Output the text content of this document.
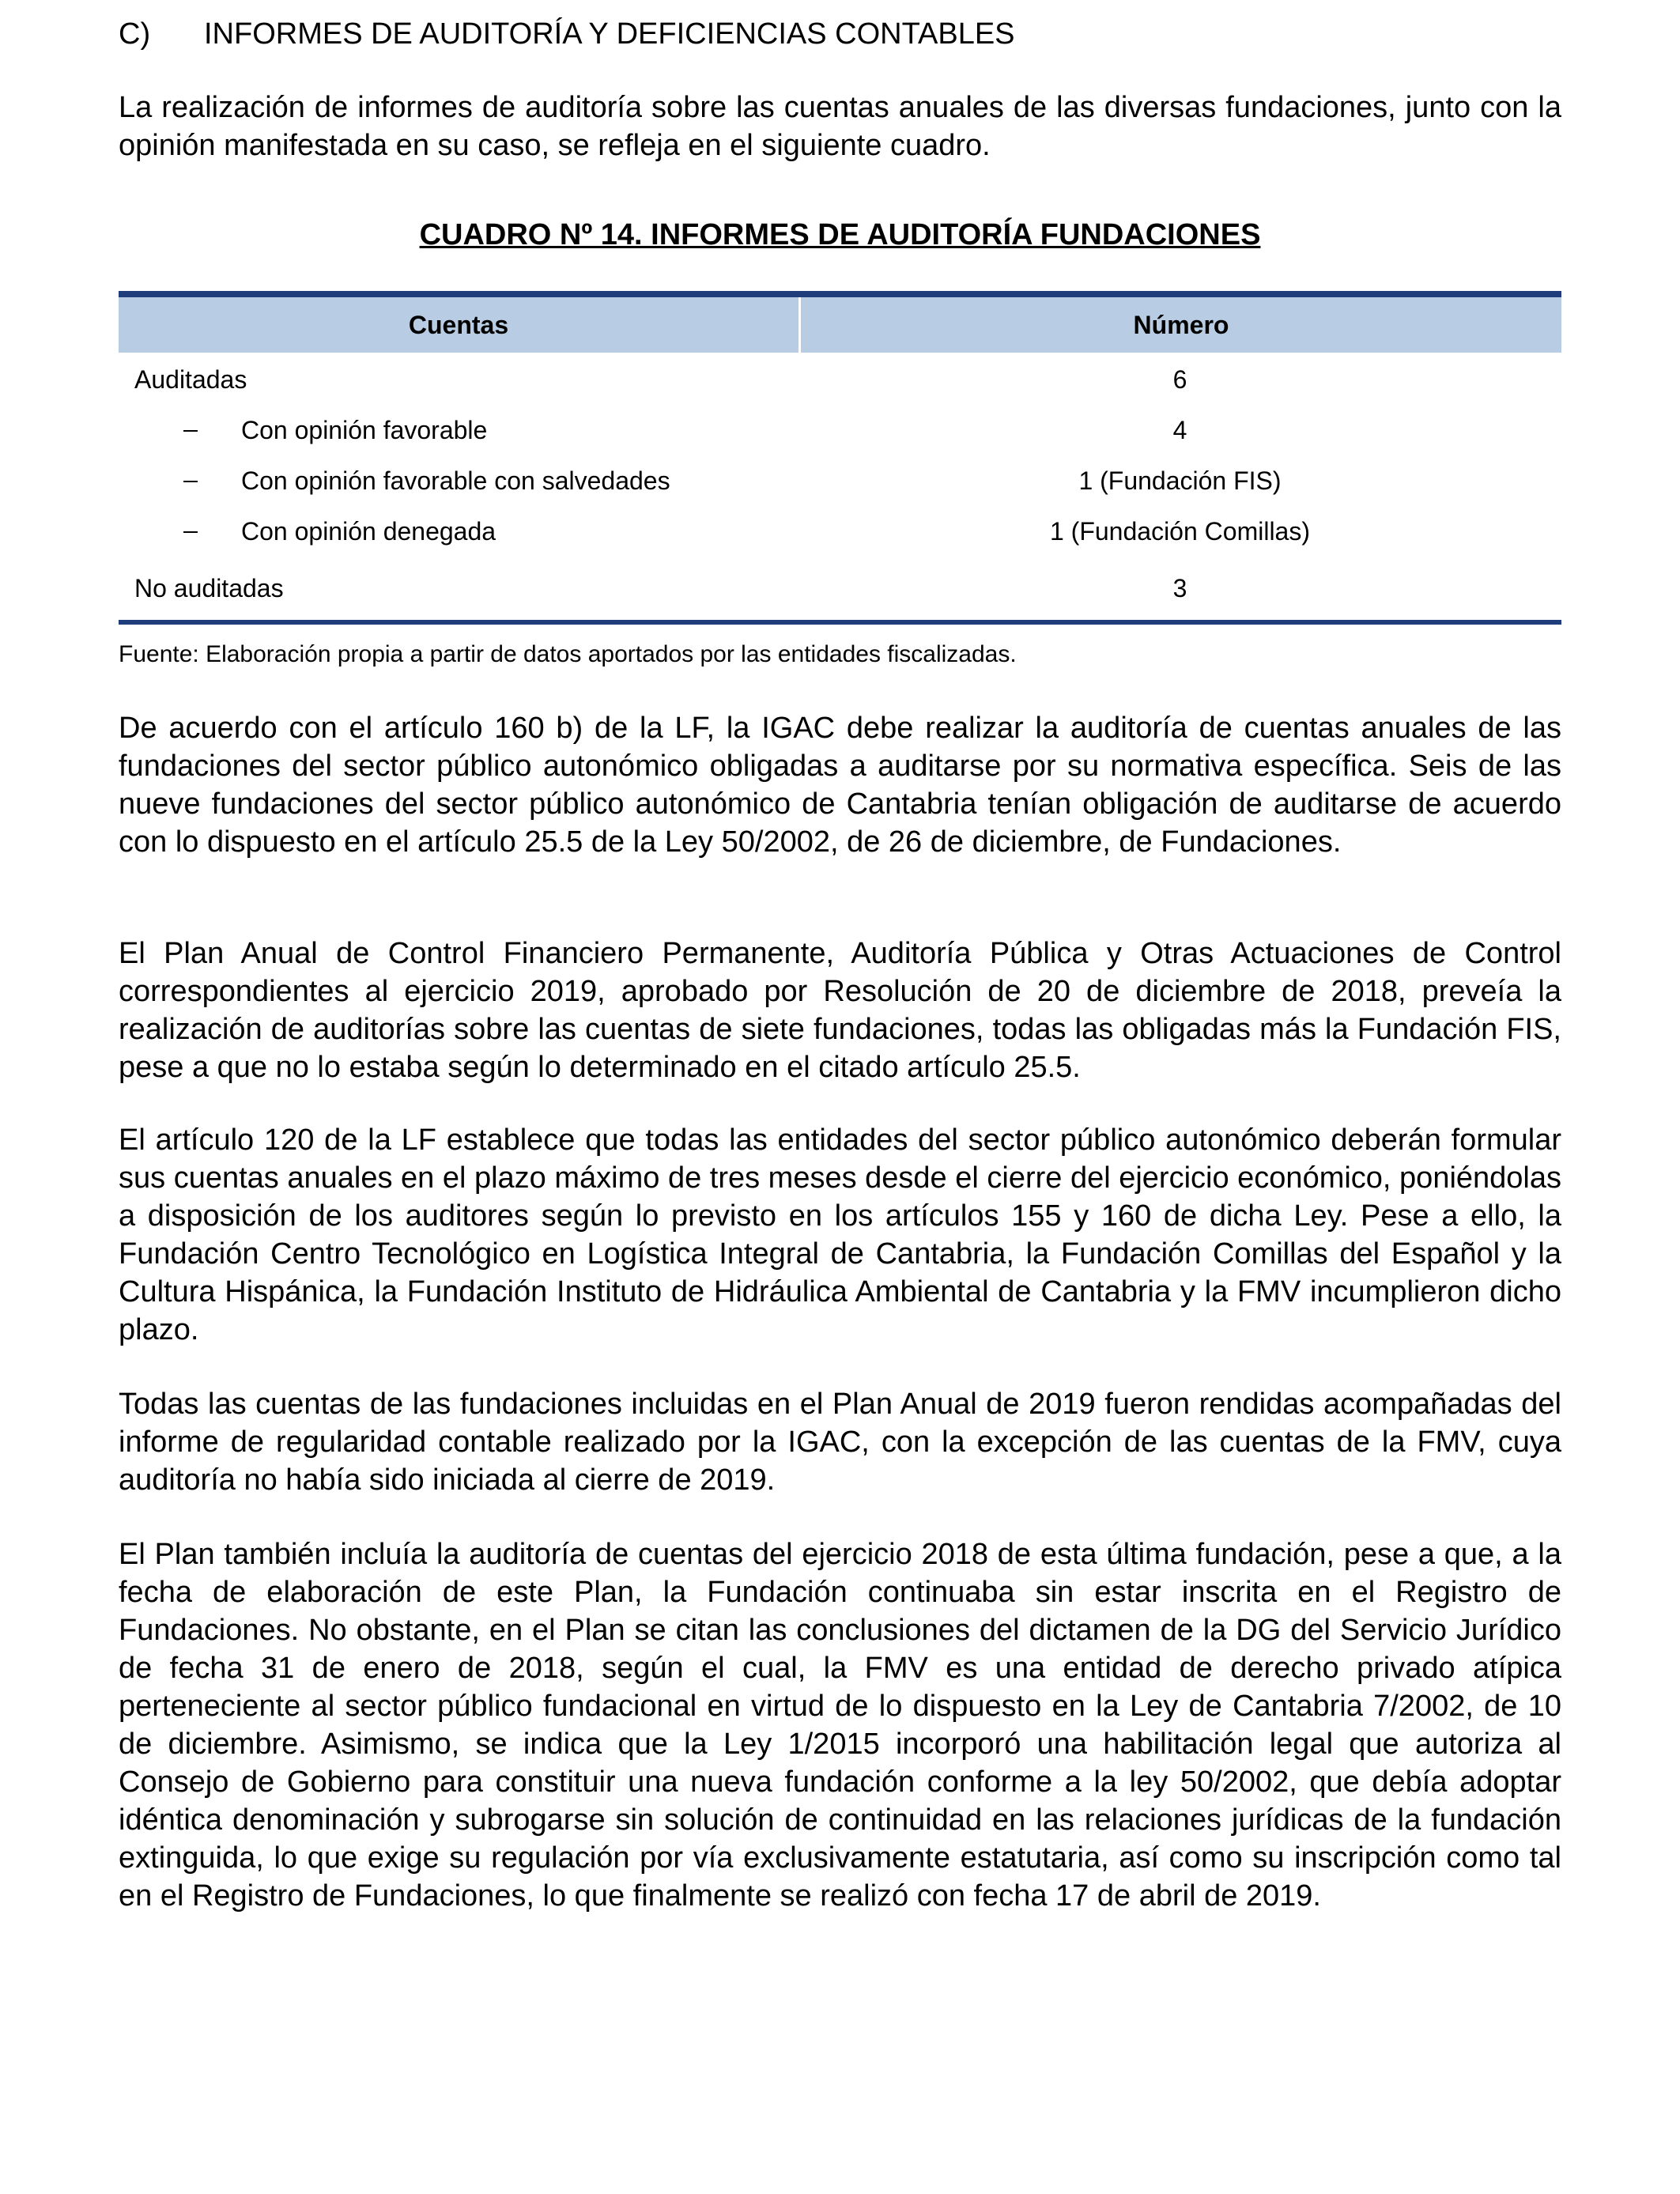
C) INFORMES DE AUDITORÍA Y DEFICIENCIAS CONTABLES

La realización de informes de auditoría sobre las cuentas anuales de las diversas fundaciones, junto con la opinión manifestada en su caso, se refleja en el siguiente cuadro.

CUADRO Nº 14. INFORMES DE AUDITORÍA FUNDACIONES
Cuentas	Número
Auditadas	6
Con opinión favorable	4
Con opinión favorable con salvedades	1 (Fundación FIS)
Con opinión denegada	1 (Fundación Comillas)
No auditadas	3
Fuente: Elaboración propia a partir de datos aportados por las entidades fiscalizadas.

De acuerdo con el artículo 160 b) de la LF, la IGAC debe realizar la auditoría de cuentas anuales de las fundaciones del sector público autonómico obligadas a auditarse por su normativa específica. Seis de las nueve fundaciones del sector público autonómico de Cantabria tenían obligación de auditarse de acuerdo con lo dispuesto en el artículo 25.5 de la Ley 50/2002, de 26 de diciembre, de Fundaciones.

El Plan Anual de Control Financiero Permanente, Auditoría Pública y Otras Actuaciones de Control correspondientes al ejercicio 2019, aprobado por Resolución de 20 de diciembre de 2018, preveía la realización de auditorías sobre las cuentas de siete fundaciones, todas las obligadas más la Fundación FIS, pese a que no lo estaba según lo determinado en el citado artículo 25.5.

El artículo 120 de la LF establece que todas las entidades del sector público autonómico deberán formular sus cuentas anuales en el plazo máximo de tres meses desde el cierre del ejercicio económico, poniéndolas a disposición de los auditores según lo previsto en los artículos 155 y 160 de dicha Ley. Pese a ello, la Fundación Centro Tecnológico en Logística Integral de Cantabria, la Fundación Comillas del Español y la Cultura Hispánica, la Fundación Instituto de Hidráulica Ambiental de Cantabria y la FMV incumplieron dicho plazo.

Todas las cuentas de las fundaciones incluidas en el Plan Anual de 2019 fueron rendidas acompañadas del informe de regularidad contable realizado por la IGAC, con la excepción de las cuentas de la FMV, cuya auditoría no había sido iniciada al cierre de 2019.

El Plan también incluía la auditoría de cuentas del ejercicio 2018 de esta última fundación, pese a que, a la fecha de elaboración de este Plan, la Fundación continuaba sin estar inscrita en el Registro de Fundaciones. No obstante, en el Plan se citan las conclusiones del dictamen de la DG del Servicio Jurídico de fecha 31 de enero de 2018, según el cual, la FMV es una entidad de derecho privado atípica perteneciente al sector público fundacional en virtud de lo dispuesto en la Ley de Cantabria 7/2002, de 10 de diciembre. Asimismo, se indica que la Ley 1/2015 incorporó una habilitación legal que autoriza al Consejo de Gobierno para constituir una nueva fundación conforme a la ley 50/2002, que debía adoptar idéntica denominación y subrogarse sin solución de continuidad en las relaciones jurídicas de la fundación extinguida, lo que exige su regulación por vía exclusivamente estatutaria, así como su inscripción como tal en el Registro de Fundaciones, lo que finalmente se realizó con fecha 17 de abril de 2019.
